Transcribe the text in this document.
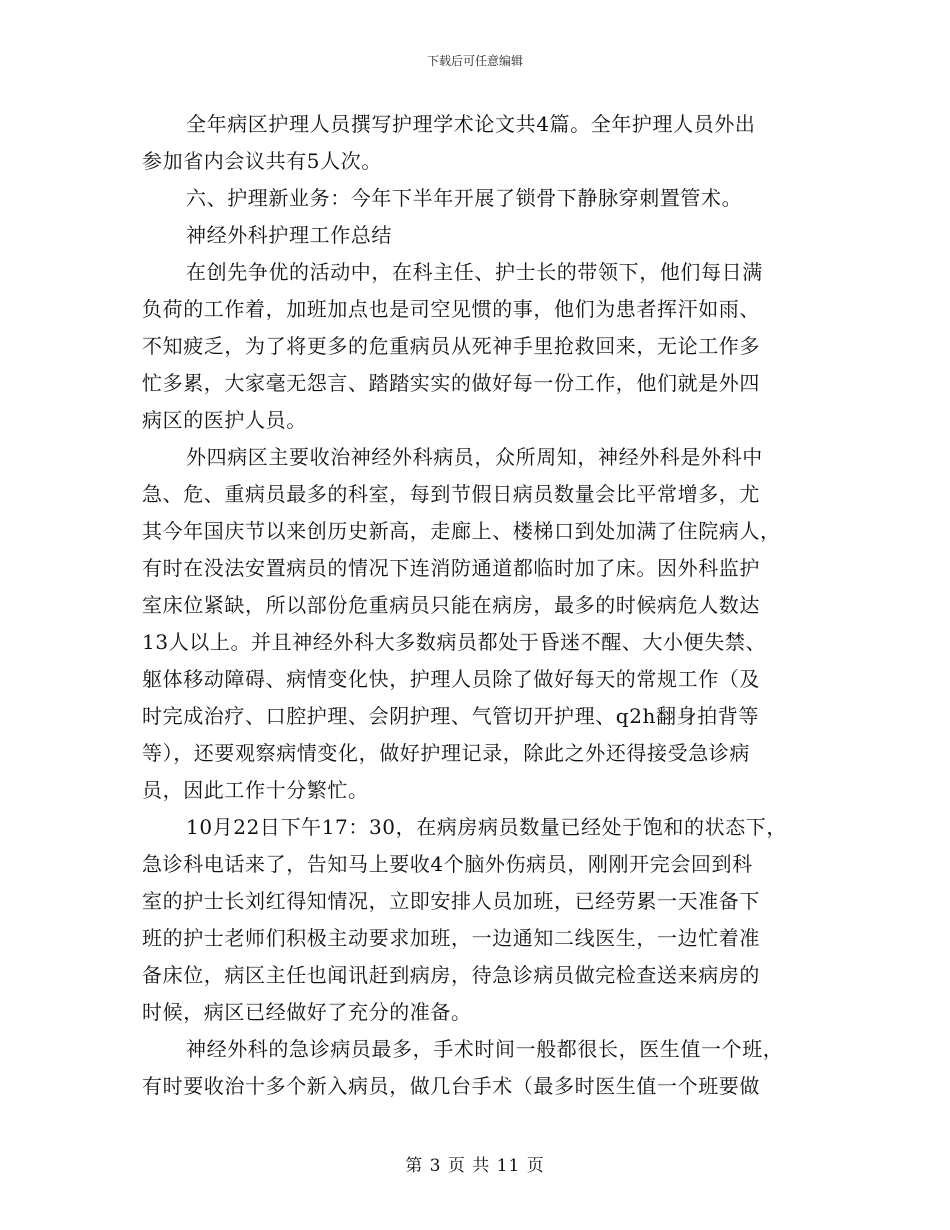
下载后可任意编辑
全年病区护理人员撰写护理学术论文共4篇。全年护理人员外出
参加省内会议共有5人次。
六、护理新业务：今年下半年开展了锁骨下静脉穿刺置管术。
神经外科护理工作总结
在创先争优的活动中，在科主任、护士长的带领下，他们每日满
负荷的工作着，加班加点也是司空见惯的事，他们为患者挥汗如雨、
不知疲乏，为了将更多的危重病员从死神手里抢救回来，无论工作多
忙多累，大家毫无怨言、踏踏实实的做好每一份工作，他们就是外四
病区的医护人员。
外四病区主要收治神经外科病员，众所周知，神经外科是外科中
急、危、重病员最多的科室，每到节假日病员数量会比平常增多，尤
其今年国庆节以来创历史新高，走廊上、楼梯口到处加满了住院病人，
有时在没法安置病员的情况下连消防通道都临时加了床。因外科监护
室床位紧缺，所以部份危重病员只能在病房，最多的时候病危人数达
13人以上。并且神经外科大多数病员都处于昏迷不醒、大小便失禁、
躯体移动障碍、病情变化快，护理人员除了做好每天的常规工作（及
时完成治疗、口腔护理、会阴护理、气管切开护理、q2h翻身拍背等
等），还要观察病情变化，做好护理记录，除此之外还得接受急诊病
员，因此工作十分繁忙。
10月22日下午17：30，在病房病员数量已经处于饱和的状态下，
急诊科电话来了，告知马上要收4个脑外伤病员，刚刚开完会回到科
室的护士长刘红得知情况，立即安排人员加班，已经劳累一天准备下
班的护士老师们积极主动要求加班，一边通知二线医生，一边忙着准
备床位，病区主任也闻讯赶到病房，待急诊病员做完检查送来病房的
时候，病区已经做好了充分的准备。
神经外科的急诊病员最多，手术时间一般都很长，医生值一个班，
有时要收治十多个新入病员，做几台手术（最多时医生值一个班要做
第 3 页 共 11 页
